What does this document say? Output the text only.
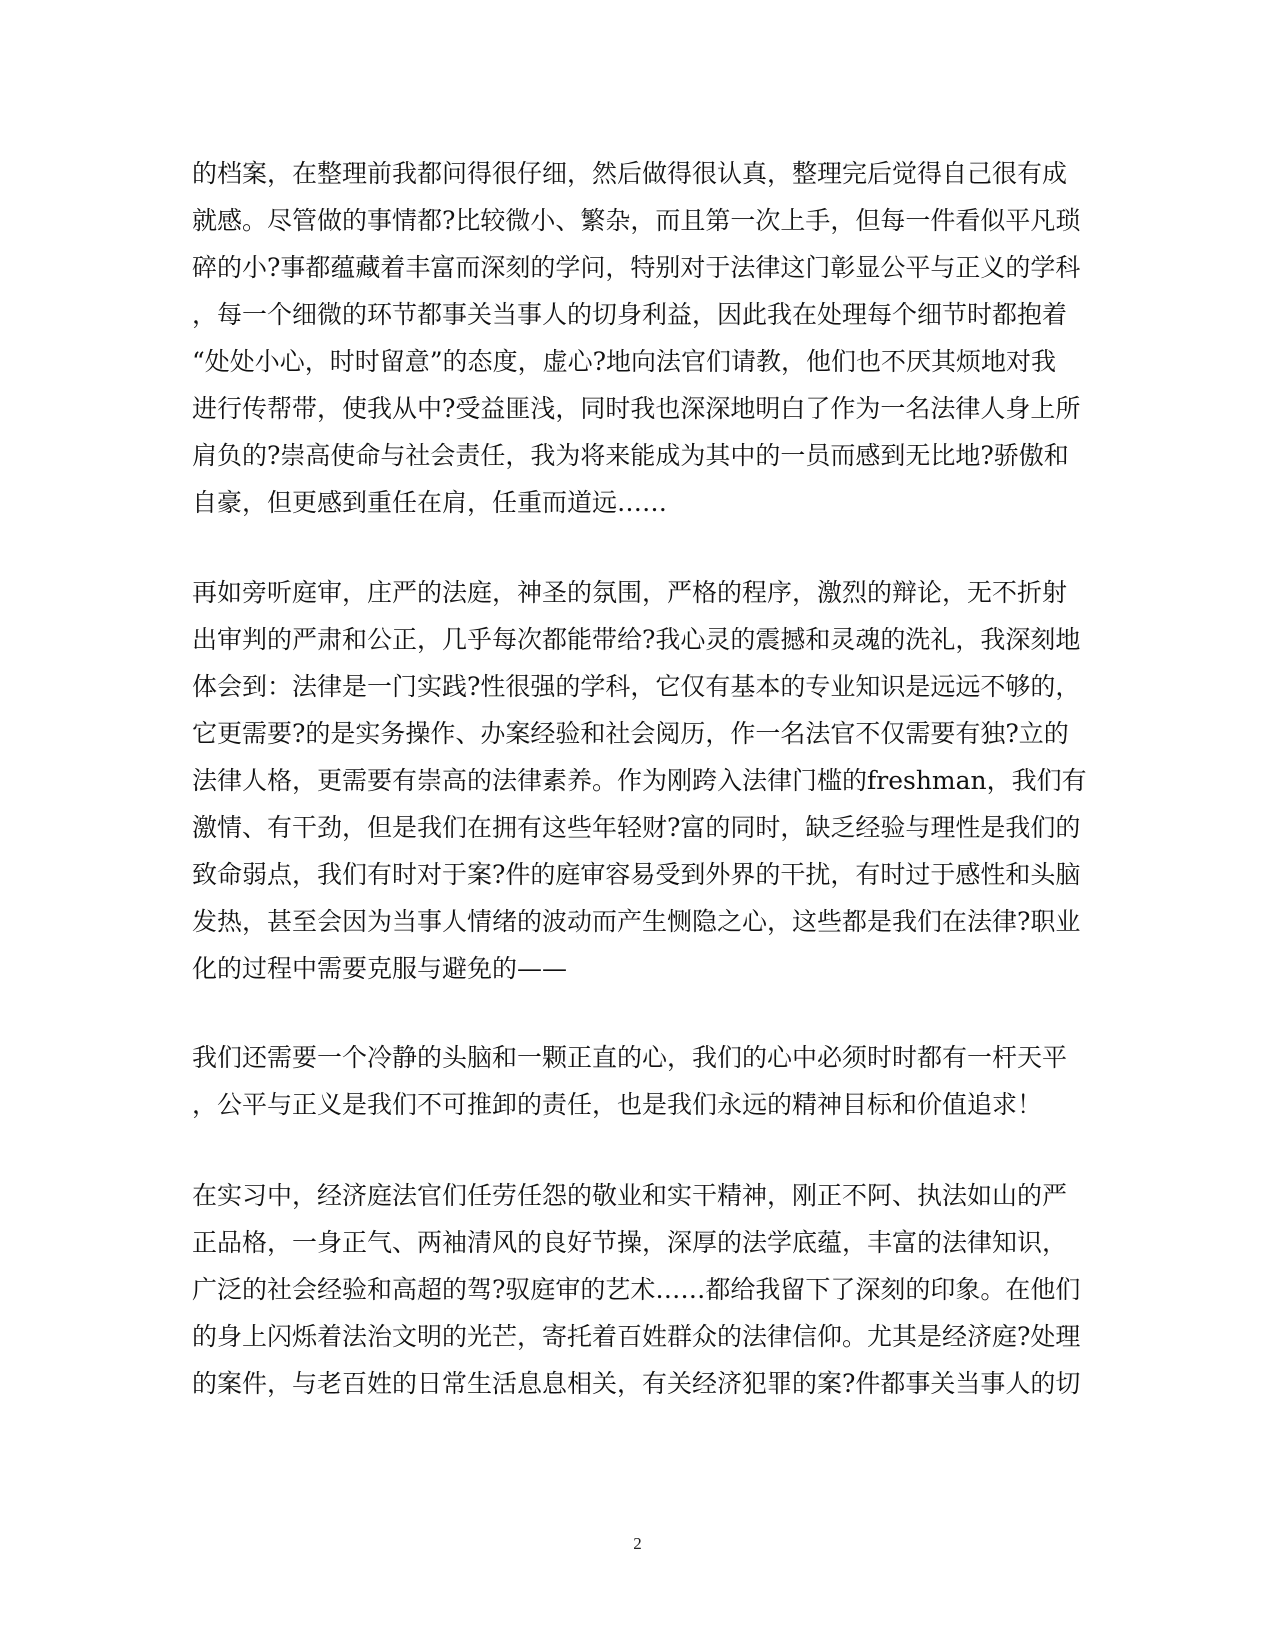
的档案，在整理前我都问得很仔细，然后做得很认真，整理完后觉得自己很有成
就感。尽管做的事情都?比较微小、繁杂，而且第一次上手，但每一件看似平凡琐
碎的小?事都蕴藏着丰富而深刻的学问，特别对于法律这门彰显公平与正义的学科
，每一个细微的环节都事关当事人的切身利益，因此我在处理每个细节时都抱着
“处处小心，时时留意”的态度，虚心?地向法官们请教，他们也不厌其烦地对我
进行传帮带，使我从中?受益匪浅，同时我也深深地明白了作为一名法律人身上所
肩负的?崇高使命与社会责任，我为将来能成为其中的一员而感到无比地?骄傲和
自豪，但更感到重任在肩，任重而道远……
再如旁听庭审，庄严的法庭，神圣的氛围，严格的程序，激烈的辩论，无不折射
出审判的严肃和公正，几乎每次都能带给?我心灵的震撼和灵魂的洗礼，我深刻地
体会到：法律是一门实践?性很强的学科，它仅有基本的专业知识是远远不够的，
它更需要?的是实务操作、办案经验和社会阅历，作一名法官不仅需要有独?立的
法律人格，更需要有崇高的法律素养。作为刚跨入法律门槛的freshman，我们有
激情、有干劲，但是我们在拥有这些年轻财?富的同时，缺乏经验与理性是我们的
致命弱点，我们有时对于案?件的庭审容易受到外界的干扰，有时过于感性和头脑
发热，甚至会因为当事人情绪的波动而产生恻隐之心，这些都是我们在法律?职业
化的过程中需要克服与避免的——
我们还需要一个冷静的头脑和一颗正直的心，我们的心中必须时时都有一杆天平
，公平与正义是我们不可推卸的责任，也是我们永远的精神目标和价值追求！
在实习中，经济庭法官们任劳任怨的敬业和实干精神，刚正不阿、执法如山的严
正品格，一身正气、两袖清风的良好节操，深厚的法学底蕴，丰富的法律知识，
广泛的社会经验和高超的驾?驭庭审的艺术……都给我留下了深刻的印象。在他们
的身上闪烁着法治文明的光芒，寄托着百姓群众的法律信仰。尤其是经济庭?处理
的案件，与老百姓的日常生活息息相关，有关经济犯罪的案?件都事关当事人的切
2
